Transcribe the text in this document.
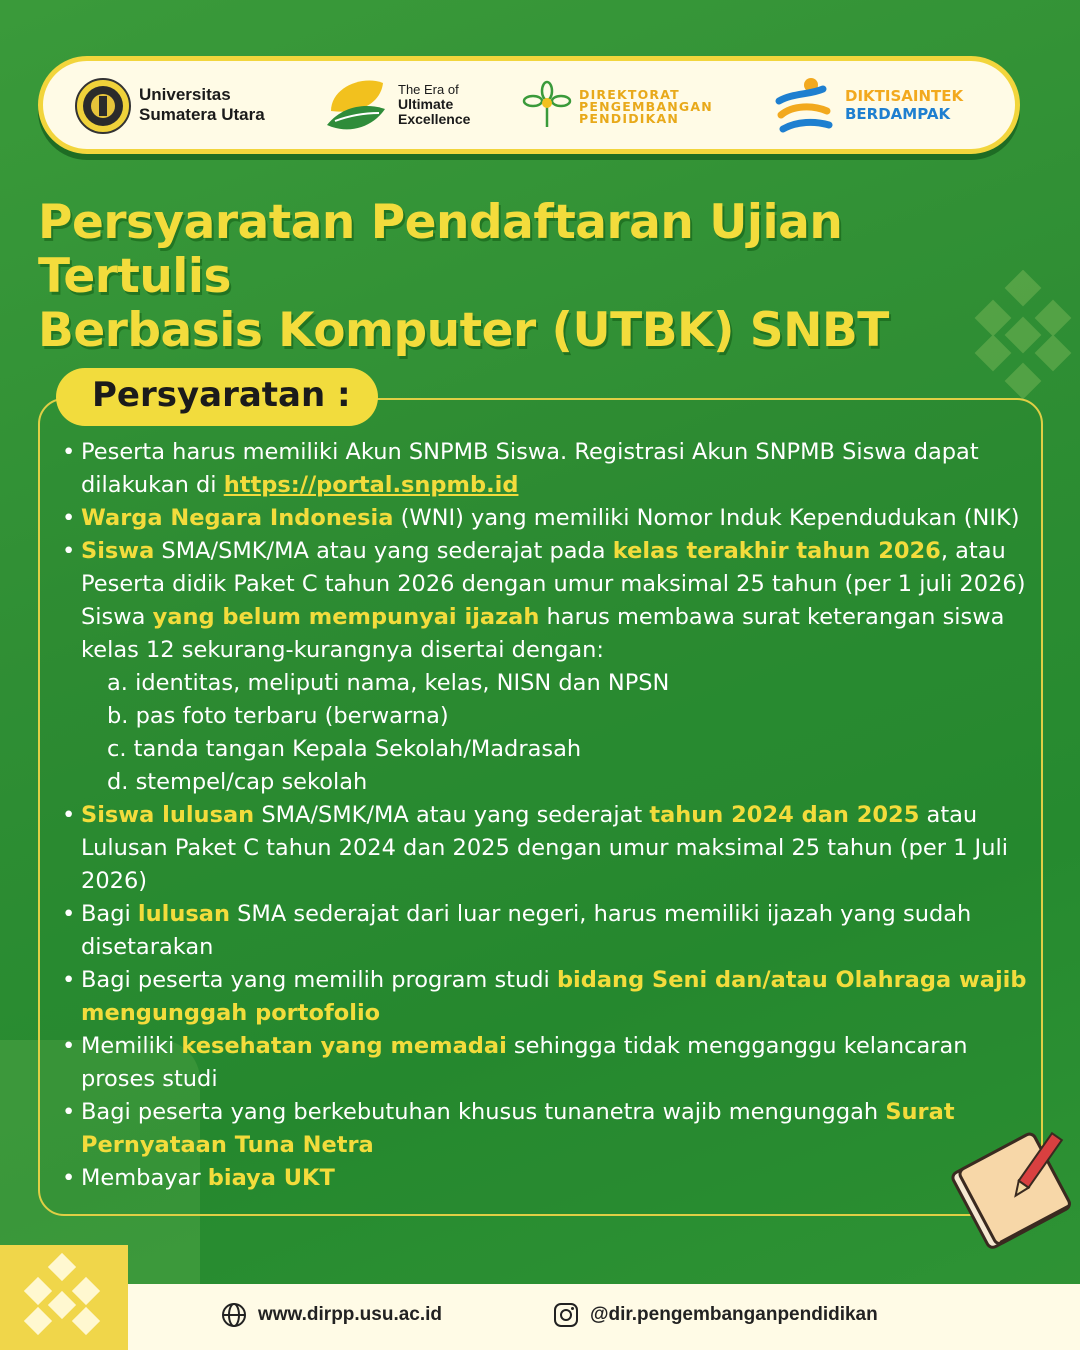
Universitas
Sumatera Utara
The Era of
Ultimate
Excellence
DIREKTORAT
PENGEMBANGAN
PENDIDIKAN
DIKTISAINTEK
BERDAMPAK
Persyaratan Pendaftaran Ujian Tertulis
Berbasis Komputer (UTBK) SNBT
Persyaratan :
• Peserta harus memiliki Akun SNPMB Siswa. Registrasi Akun SNPMB Siswa dapat dilakukan di https://portal.snpmb.id
• Warga Negara Indonesia (WNI) yang memiliki Nomor Induk Kependudukan (NIK)
• Siswa SMA/SMK/MA atau yang sederajat pada kelas terakhir tahun 2026, atau Peserta didik Paket C tahun 2026 dengan umur maksimal 25 tahun (per 1 juli 2026) Siswa yang belum mempunyai ijazah harus membawa surat keterangan siswa kelas 12 sekurang-kurangnya disertai dengan:
a. identitas, meliputi nama, kelas, NISN dan NPSN
b. pas foto terbaru (berwarna)
c. tanda tangan Kepala Sekolah/Madrasah
d. stempel/cap sekolah
• Siswa lulusan SMA/SMK/MA atau yang sederajat tahun 2024 dan 2025 atau Lulusan Paket C tahun 2024 dan 2025 dengan umur maksimal 25 tahun (per 1 Juli 2026)
• Bagi lulusan SMA sederajat dari luar negeri, harus memiliki ijazah yang sudah disetarakan
• Bagi peserta yang memilih program studi bidang Seni dan/atau Olahraga wajib mengunggah portofolio
• Memiliki kesehatan yang memadai sehingga tidak mengganggu kelancaran proses studi
• Bagi peserta yang berkebutuhan khusus tunanetra wajib mengunggah Surat Pernyataan Tuna Netra
• Membayar biaya UKT
www.dirpp.usu.ac.id	@dir.pengembanganpendidikan
